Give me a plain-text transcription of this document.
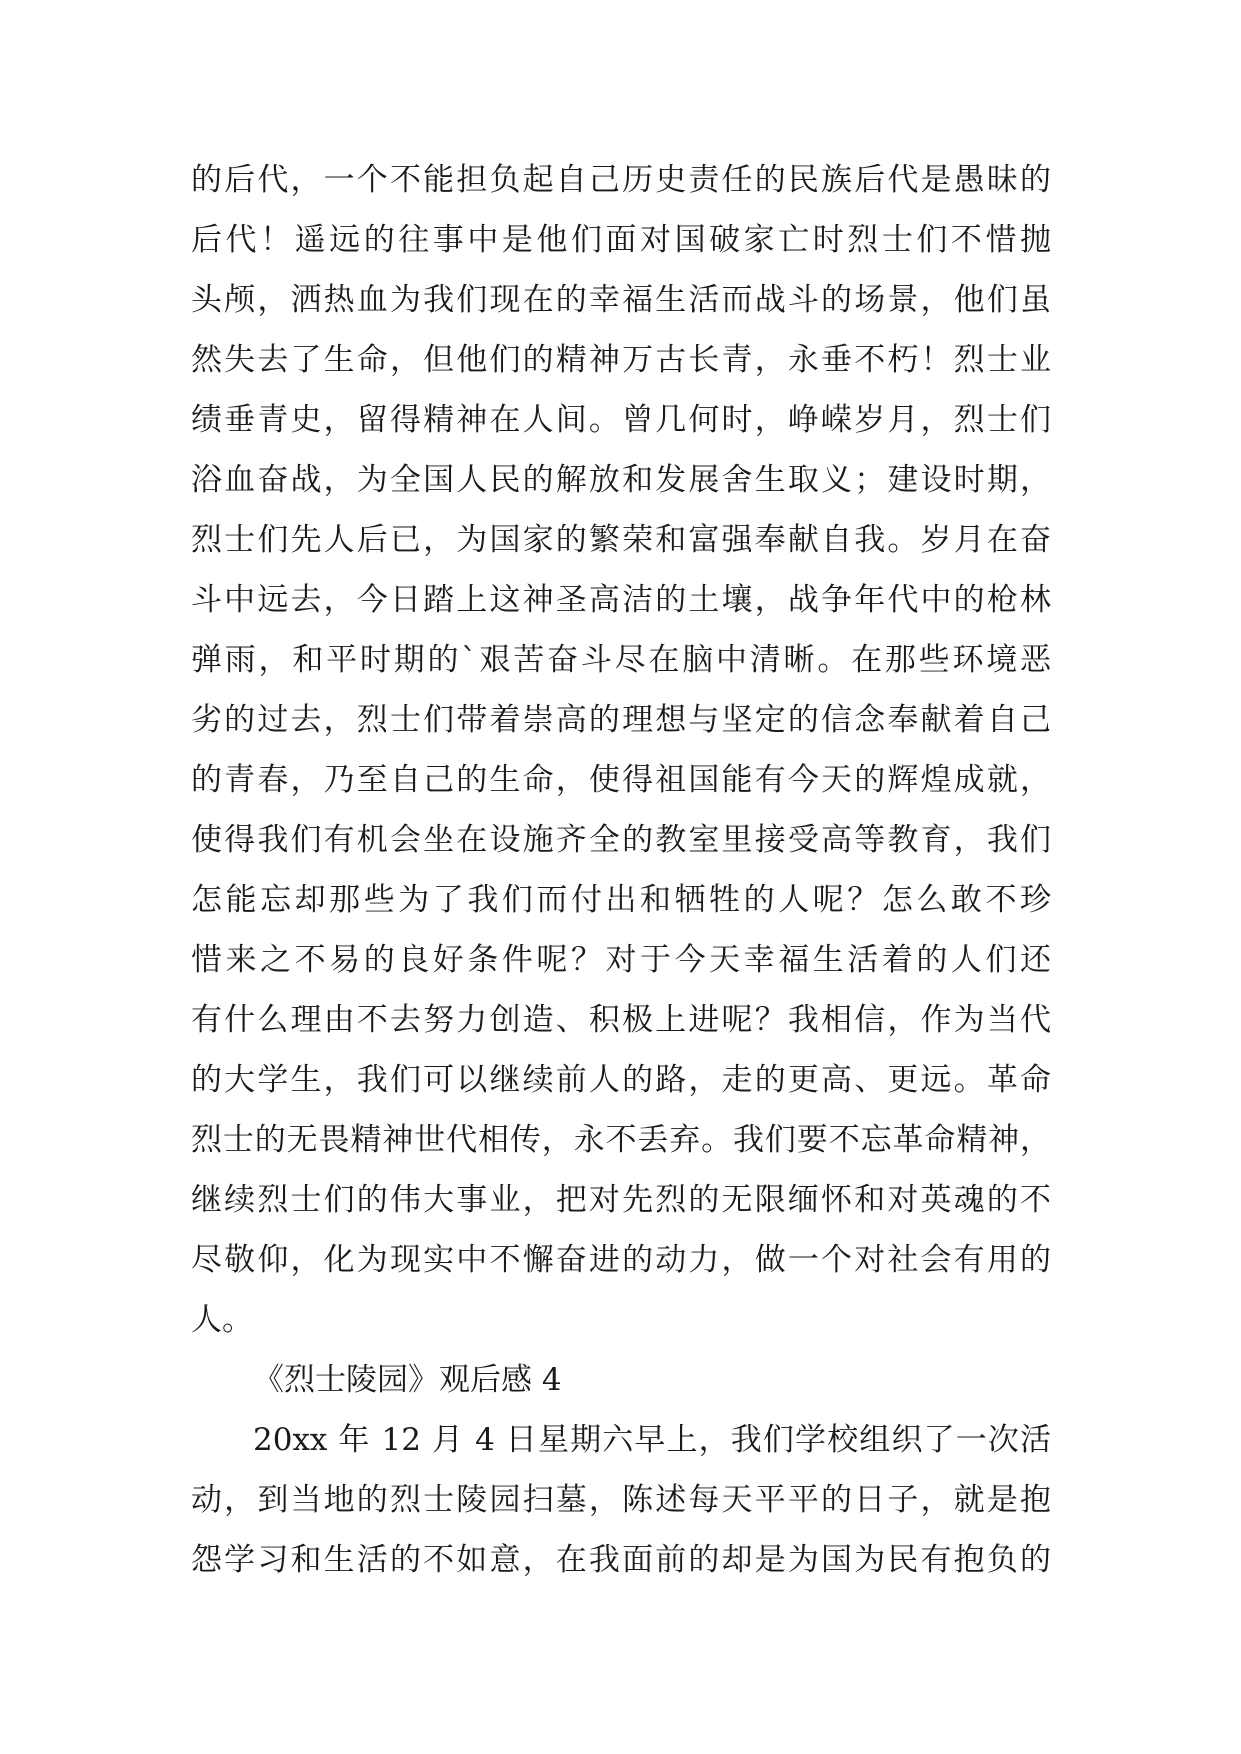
的后代，一个不能担负起自己历史责任的民族后代是愚昧的
后代！遥远的往事中是他们面对国破家亡时烈士们不惜抛
头颅，洒热血为我们现在的幸福生活而战斗的场景，他们虽
然失去了生命，但他们的精神万古长青，永垂不朽！烈士业
绩垂青史，留得精神在人间。曾几何时，峥嵘岁月，烈士们
浴血奋战，为全国人民的解放和发展舍生取义；建设时期，
烈士们先人后已，为国家的繁荣和富强奉献自我。岁月在奋
斗中远去，今日踏上这神圣高洁的土壤，战争年代中的枪林
弹雨，和平时期的`艰苦奋斗尽在脑中清晰。在那些环境恶
劣的过去，烈士们带着崇高的理想与坚定的信念奉献着自己
的青春，乃至自己的生命，使得祖国能有今天的辉煌成就，
使得我们有机会坐在设施齐全的教室里接受高等教育，我们
怎能忘却那些为了我们而付出和牺牲的人呢？怎么敢不珍
惜来之不易的良好条件呢？对于今天幸福生活着的人们还
有什么理由不去努力创造、积极上进呢？我相信，作为当代
的大学生，我们可以继续前人的路，走的更高、更远。革命
烈士的无畏精神世代相传，永不丢弃。我们要不忘革命精神，
继续烈士们的伟大事业，把对先烈的无限缅怀和对英魂的不
尽敬仰，化为现实中不懈奋进的动力，做一个对社会有用的
人。
《烈士陵园》观后感 4
20xx 年 12 月 4 日星期六早上，我们学校组织了一次活
动，到当地的烈士陵园扫墓，陈述每天平平的日子，就是抱
怨学习和生活的不如意，在我面前的却是为国为民有抱负的
